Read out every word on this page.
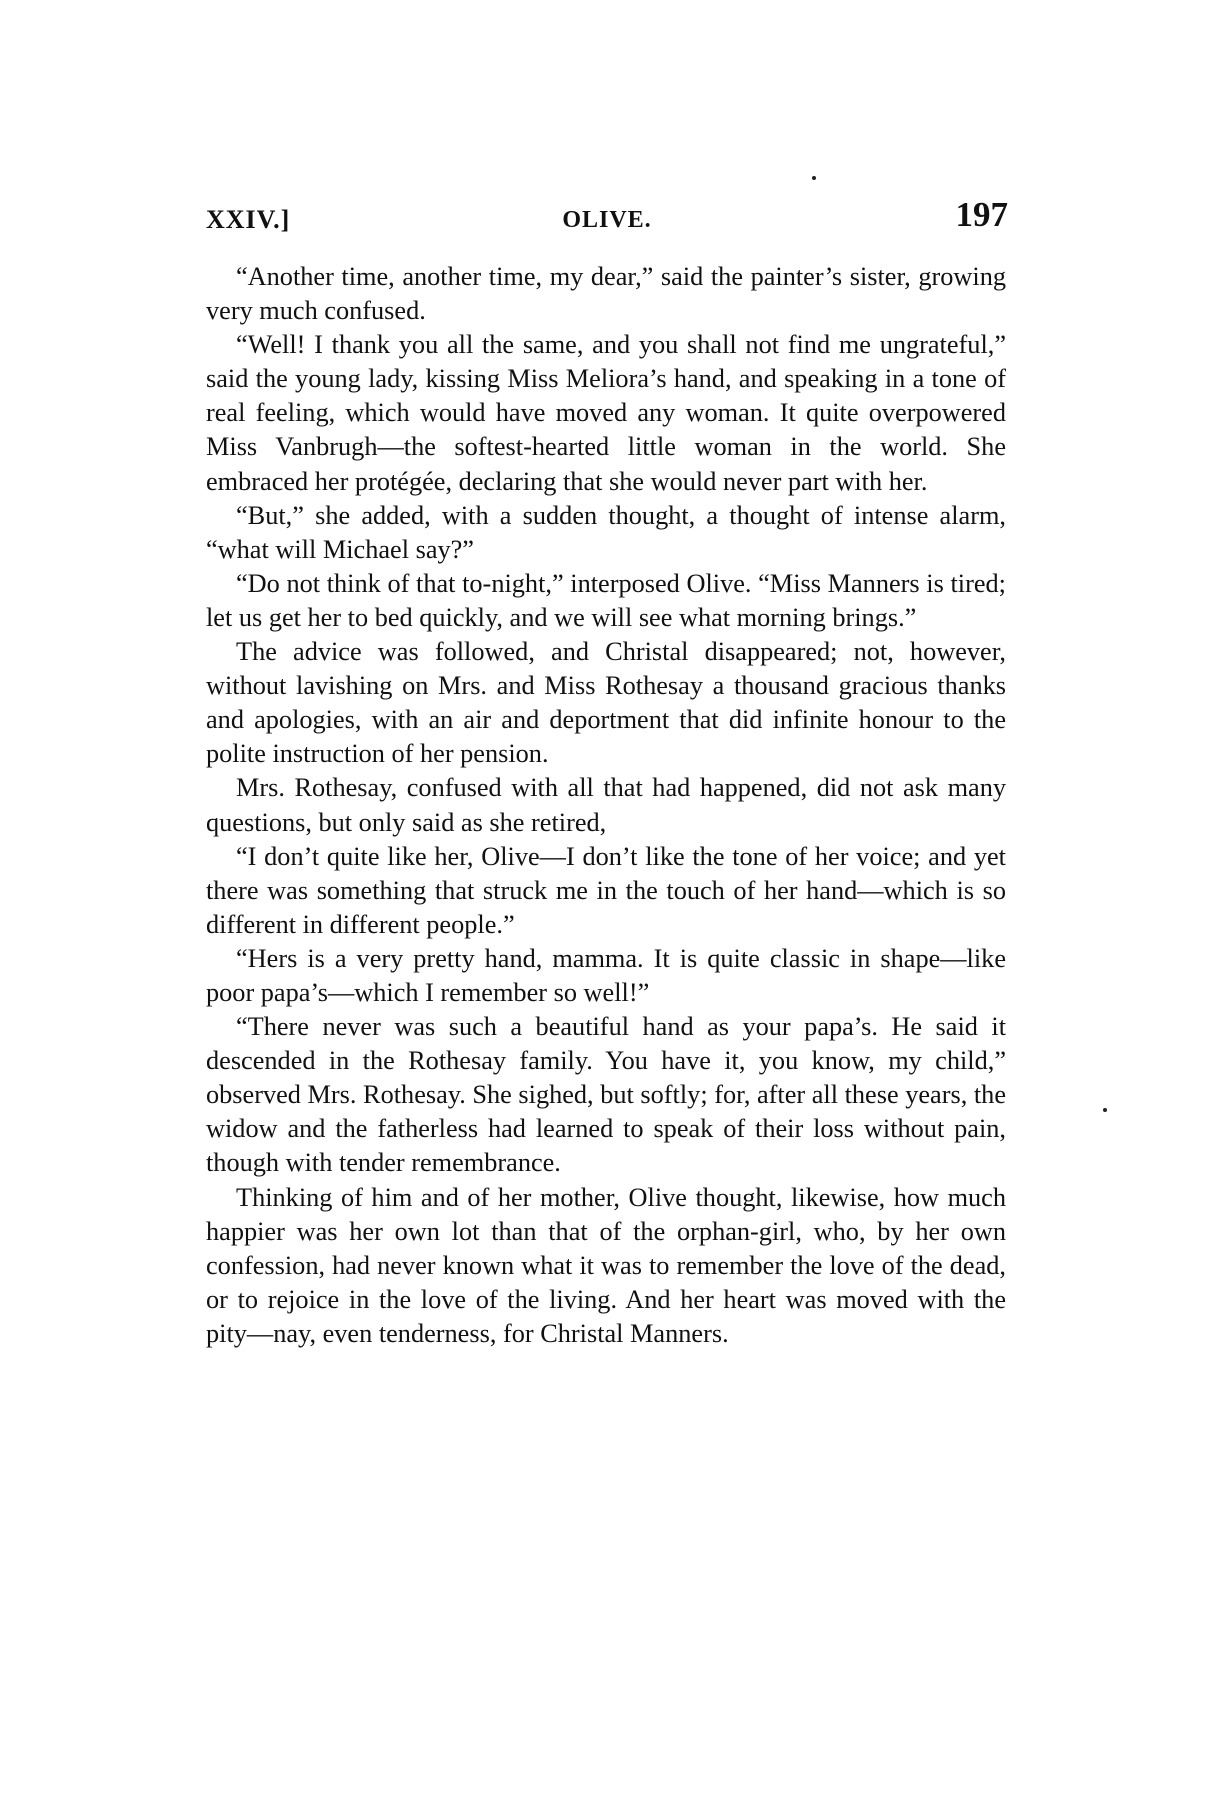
XXIV.]	OLIVE.	197

“Another time, another time, my dear,” said the painter’s sister, growing very much confused.

“Well! I thank you all the same, and you shall not find me ungrateful,” said the young lady, kissing Miss Meliora’s hand, and speaking in a tone of real feeling, which would have moved any woman. It quite overpowered Miss Vanbrugh—the softest-hearted little woman in the world. She embraced her protégée, declaring that she would never part with her.

“But,” she added, with a sudden thought, a thought of intense alarm, “what will Michael say?”

“Do not think of that to-night,” interposed Olive. “Miss Manners is tired; let us get her to bed quickly, and we will see what morning brings.”

The advice was followed, and Christal disappeared; not, however, without lavishing on Mrs. and Miss Rothesay a thousand gracious thanks and apologies, with an air and deportment that did infinite honour to the polite instruction of her pension.

Mrs. Rothesay, confused with all that had happened, did not ask many questions, but only said as she retired,

“I don’t quite like her, Olive—I don’t like the tone of her voice; and yet there was something that struck me in the touch of her hand—which is so different in different people.”

“Hers is a very pretty hand, mamma. It is quite classic in shape—like poor papa’s—which I remember so well!”

“There never was such a beautiful hand as your papa’s. He said it descended in the Rothesay family. You have it, you know, my child,” observed Mrs. Rothesay. She sighed, but softly; for, after all these years, the widow and the fatherless had learned to speak of their loss without pain, though with tender remembrance.

Thinking of him and of her mother, Olive thought, likewise, how much happier was her own lot than that of the orphan-girl, who, by her own confession, had never known what it was to remember the love of the dead, or to rejoice in the love of the living. And her heart was moved with the pity—nay, even tenderness, for Christal Manners.
